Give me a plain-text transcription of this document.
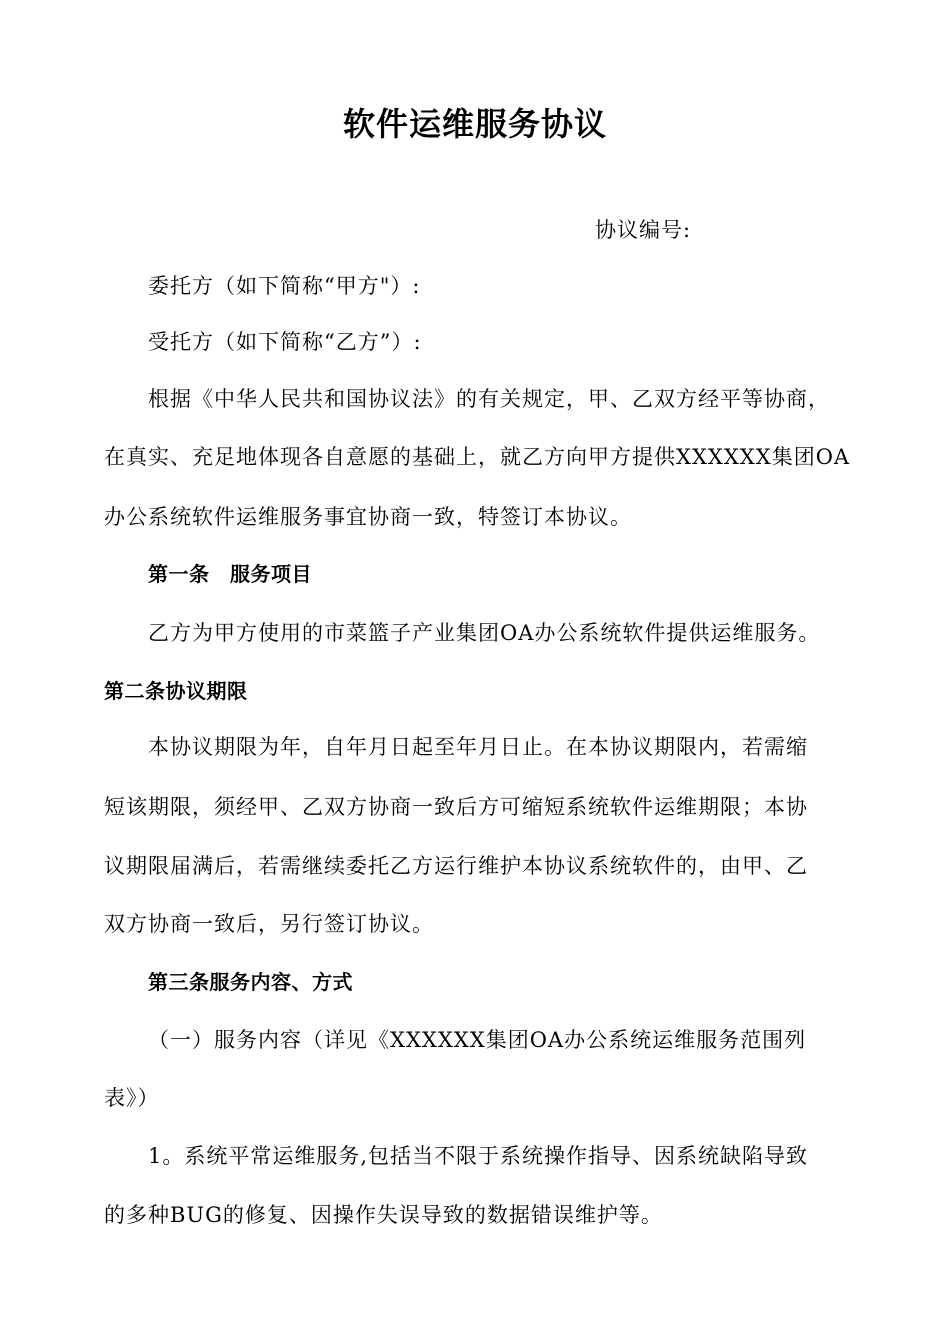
软件运维服务协议
协议编号:
委托方（如下简称“甲方"）:
受托方（如下简称“乙方”）:
根据《中华人民共和国协议法》的有关规定，甲、乙双方经平等协商，
在真实、充足地体现各自意愿的基础上，就乙方向甲方提供XXXXXX集团OA
办公系统软件运维服务事宜协商一致，特签订本协议。
第一条　服务项目
乙方为甲方使用的市菜篮子产业集团OA办公系统软件提供运维服务。
第二条协议期限
本协议期限为年，自年月日起至年月日止。在本协议期限内，若需缩
短该期限，须经甲、乙双方协商一致后方可缩短系统软件运维期限；本协
议期限届满后，若需继续委托乙方运行维护本协议系统软件的，由甲、乙
双方协商一致后，另行签订协议。
第三条服务内容、方式
（一）服务内容（详见《XXXXXX集团OA办公系统运维服务范围列
表》）
1。系统平常运维服务,包括当不限于系统操作指导、因系统缺陷导致
的多种BUG的修复、因操作失误导致的数据错误维护等。
